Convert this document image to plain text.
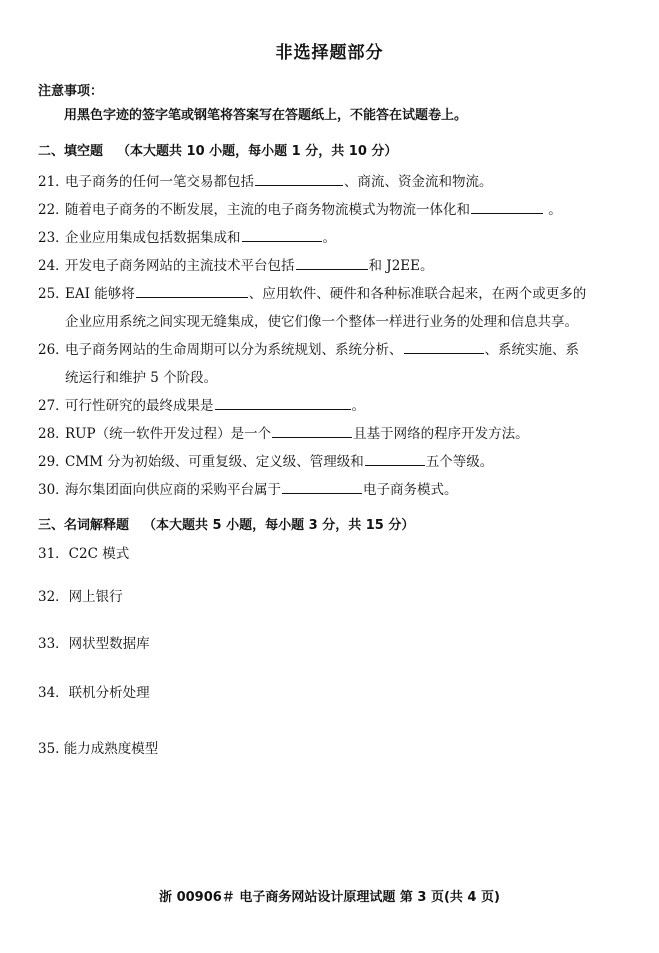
非选择题部分
注意事项：
用黑色字迹的签字笔或钢笔将答案写在答题纸上，不能答在试题卷上。
二、填空题 （本大题共 10 小题，每小题 1 分，共 10 分）
21．电子商务的任何一笔交易都包括	、商流、资金流和物流。
22．随着电子商务的不断发展，主流的电子商务物流模式为物流一体化和	。
23．企业应用集成包括数据集成和	。
24．开发电子商务网站的主流技术平台包括	和 J2EE。
25．EAI 能够将	、应用软件、硬件和各种标准联合起来，在两个或更多的
企业应用系统之间实现无缝集成，使它们像一个整体一样进行业务的处理和信息共享。
26．电子商务网站的生命周期可以分为系统规划、系统分析、	、系统实施、系
统运行和维护 5 个阶段。
27．可行性研究的最终成果是	。
28．RUP（统一软件开发过程）是一个	且基于网络的程序开发方法。
29．CMM 分为初始级、可重复级、定义级、管理级和	五个等级。
30．海尔集团面向供应商的采购平台属于	电子商务模式。
三、名词解释题 （本大题共 5 小题，每小题 3 分，共 15 分）
31．C2C 模式
32．网上银行
33．网状型数据库
34．联机分析处理
35. 能力成熟度模型
浙 00906＃ 电子商务网站设计原理试题 第 3 页(共 4 页)
